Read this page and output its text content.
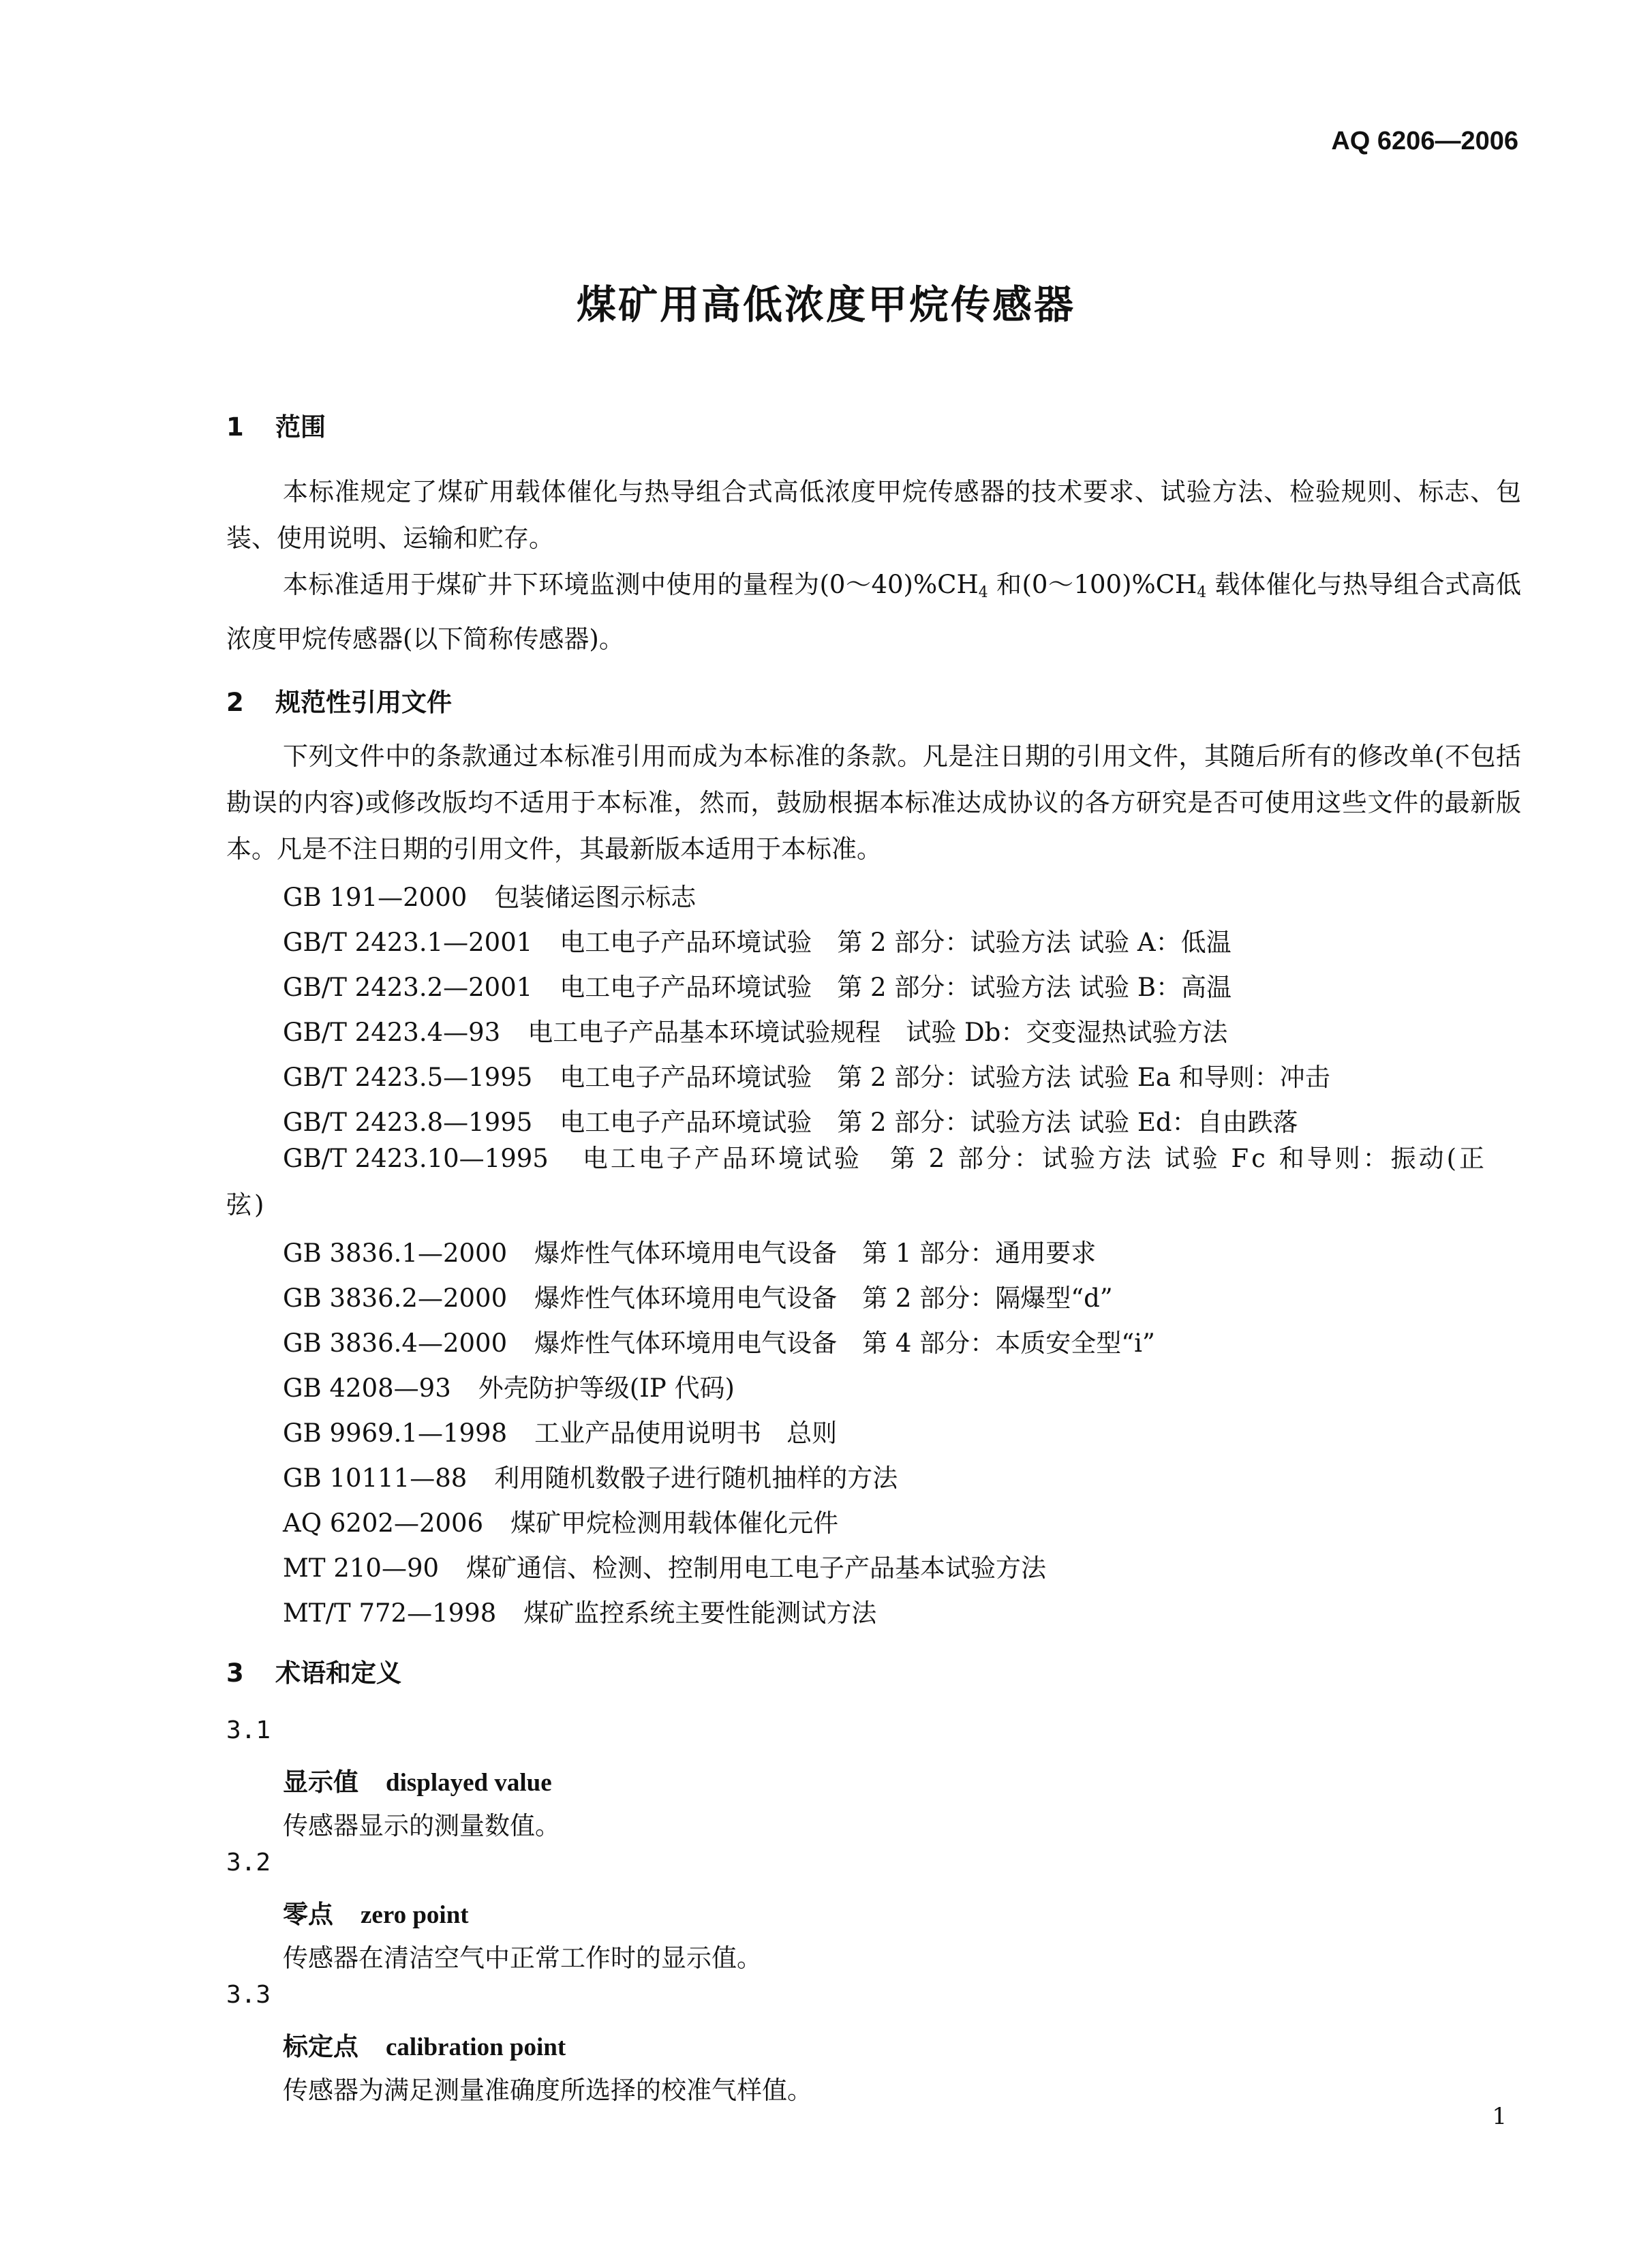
AQ 6206—2006
煤矿用高低浓度甲烷传感器
1 范围

本标准规定了煤矿用载体催化与热导组合式高低浓度甲烷传感器的技术要求、试验方法、检验规则、标志、包装、使用说明、运输和贮存。

本标准适用于煤矿井下环境监测中使用的量程为$(0\sim 40)\%CH_4$ 和$(0\sim 100)\%CH_4$ 载体催化与热导组合式高低浓度甲烷传感器(以下简称传感器)。

2 规范性引用文件

下列文件中的条款通过本标准引用而成为本标准的条款。凡是注日期的引用文件，其随后所有的修改单(不包括勘误的内容)或修改版均不适用于本标准，然而，鼓励根据本标准达成协议的各方研究是否可使用这些文件的最新版本。凡是不注日期的引用文件，其最新版本适用于本标准。

GB 191—2000 包装储运图示标志
GB/T 2423.1—2001 电工电子产品环境试验　第 2 部分：试验方法 试验 A：低温
GB/T 2423.2—2001 电工电子产品环境试验　第 2 部分：试验方法 试验 B：高温
GB/T 2423.4—93 电工电子产品基本环境试验规程　试验 Db：交变湿热试验方法
GB/T 2423.5—1995 电工电子产品环境试验　第 2 部分：试验方法 试验 Ea 和导则：冲击
GB/T 2423.8—1995 电工电子产品环境试验　第 2 部分：试验方法 试验 Ed：自由跌落

GB/T 2423.10—1995 电工电子产品环境试验　第 2 部分：试验方法 试验 Fc 和导则：振动(正弦)

GB 3836.1—2000 爆炸性气体环境用电气设备　第 1 部分：通用要求
GB 3836.2—2000 爆炸性气体环境用电气设备　第 2 部分：隔爆型“d”
GB 3836.4—2000 爆炸性气体环境用电气设备　第 4 部分：本质安全型“i”
GB 4208—93 外壳防护等级(IP 代码)
GB 9969.1—1998 工业产品使用说明书　总则
GB 10111—88 利用随机数骰子进行随机抽样的方法
AQ 6202—2006 煤矿甲烷检测用载体催化元件
MT 210—90 煤矿通信、检测、控制用电工电子产品基本试验方法
MT/T 772—1998 煤矿监控系统主要性能测试方法
3 术语和定义
3.1
显示值 displayed value
传感器显示的测量数值。
3.2
零点 zero point
传感器在清洁空气中正常工作时的显示值。
3.3
标定点 calibration point
传感器为满足测量准确度所选择的校准气样值。
1
